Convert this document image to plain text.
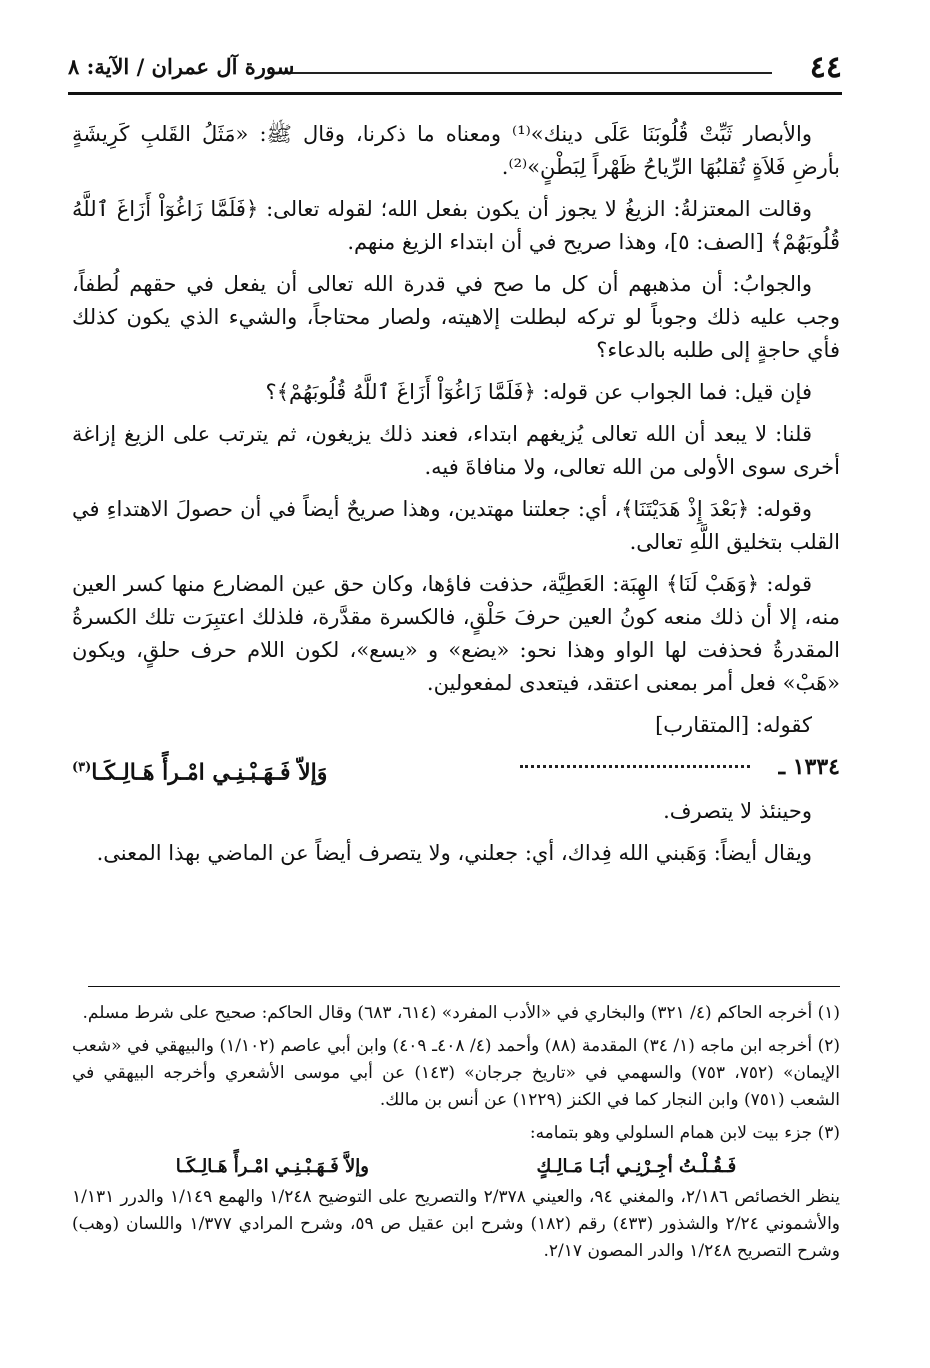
٤٤
سورة آل عمران / الآية: ٨

والأبصار ثَبِّتْ قُلُوبَنَا عَلَى دينك»⁽¹⁾ ومعناه ما ذكرنا، وقال ﷺ: «مَثَلُ القَلبِ كَرِيشَةٍ بأرضِ فَلاَةٍ تُقلبُهَا الرِّياحُ ظَهْراً لِبَطْنٍ»⁽²⁾.

وقالت المعتزلةُ: الزيغُ لا يجوز أن يكون بفعل الله؛ لقوله تعالى: ﴿فَلَمَّا زَاغُوٓاْ أَزَاغَ ٱللَّهُ قُلُوبَهُمْ﴾ [الصف: ٥]، وهذا صريح في أن ابتداء الزيغ منهم.

والجوابُ: أن مذهبهم أن كل ما صح في قدرة الله تعالى أن يفعل في حقهم لُطفاً، وجب عليه ذلك وجوباً لو تركه لبطلت إلاهيته، ولصار محتاجاً، والشيء الذي يكون كذلك فأي حاجةٍ إلى طلبه بالدعاء؟

فإن قيل: فما الجواب عن قوله: ﴿فَلَمَّا زَاغُوٓاْ أَزَاغَ ٱللَّهُ قُلُوبَهُمْ﴾؟

قلنا: لا يبعد أن الله تعالى يُزيغهم ابتداء، فعند ذلك يزيغون، ثم يترتب على الزيغ إزاغة أخرى سوى الأولى من الله تعالى، ولا منافاةَ فيه.

وقوله: ﴿بَعْدَ إِذْ هَدَيْتَنَا﴾، أي: جعلتنا مهتدين، وهذا صريحٌ أيضاً في أن حصولَ الاهتداءِ في القلب بتخليق اللَّهِ تعالى.

قوله: ﴿وَهَبْ لَنَا﴾ الهِبَة: العَطِيَّة، حذفت فاؤها، وكان حق عين المضارع منها كسر العين منه، إلا أن ذلك منعه كونُ العين حرفَ حَلْقٍ، فالكسرة مقدَّرة، فلذلك اعتبِرَت تلك الكسرةُ المقدرةُ فحذفت لها الواو وهذا نحو: «يضع» و «يسع»، لكون اللام حرف حلقٍ، ويكون «هَبْ» فعل أمر بمعنى اعتقد، فيتعدى لمفعولين.

كقوله: [المتقارب]

١٣٣٤ ـ
وَإلاّ فَـهَـبْـنِـي امْـرأً هَـالِـكَـا$^{(٣)}$

وحينئذ لا يتصرف.

ويقال أيضاً: وَهَبني الله فِداك، أي: جعلني، ولا يتصرف أيضاً عن الماضي بهذا المعنى.

(١) أخرجه الحاكم (٤/ ٣٢١) والبخاري في «الأدب المفرد» (٦١٤، ٦٨٣) وقال الحاكم: صحيح على شرط مسلم.

(٢) أخرجه ابن ماجه (١/ ٣٤) المقدمة (٨٨) وأحمد (٤/ ٤٠٨ـ ٤٠٩) وابن أبي عاصم (١/١٠٢) والبيهقي في «شعب الإيمان» (٧٥٢، ٧٥٣) والسهمي في «تاريخ جرجان» (١٤٣) عن أبي موسى الأشعري وأخرجه البيهقي في الشعب (٧٥١) وابن النجار كما في الكنز (١٢٢٩) عن أنس بن مالك.

(٣) جزء بيت لابن همام السلولي وهو بتمامه:

فَـقُـلْـتُ أجِـرْنِـي أبَـا مَـالِـكٍ
وإلاَّ فَـهَـبْـنِـي امْـرأً هَـالِـكَـا

ينظر الخصائص ٢/١٨٦، والمغني ٩٤، والعيني ٢/٣٧٨ والتصريح على التوضيح ١/٢٤٨ والهمع ١/١٤٩ والدرر ١/١٣١ والأشموني ٢/٢٤ والشذور (٤٣٣) رقم (١٨٢) وشرح ابن عقيل ص ٥٩، وشرح المرادي ١/٣٧٧ واللسان (وهب) وشرح التصريح ١/٢٤٨ والدر المصون ٢/١٧.
